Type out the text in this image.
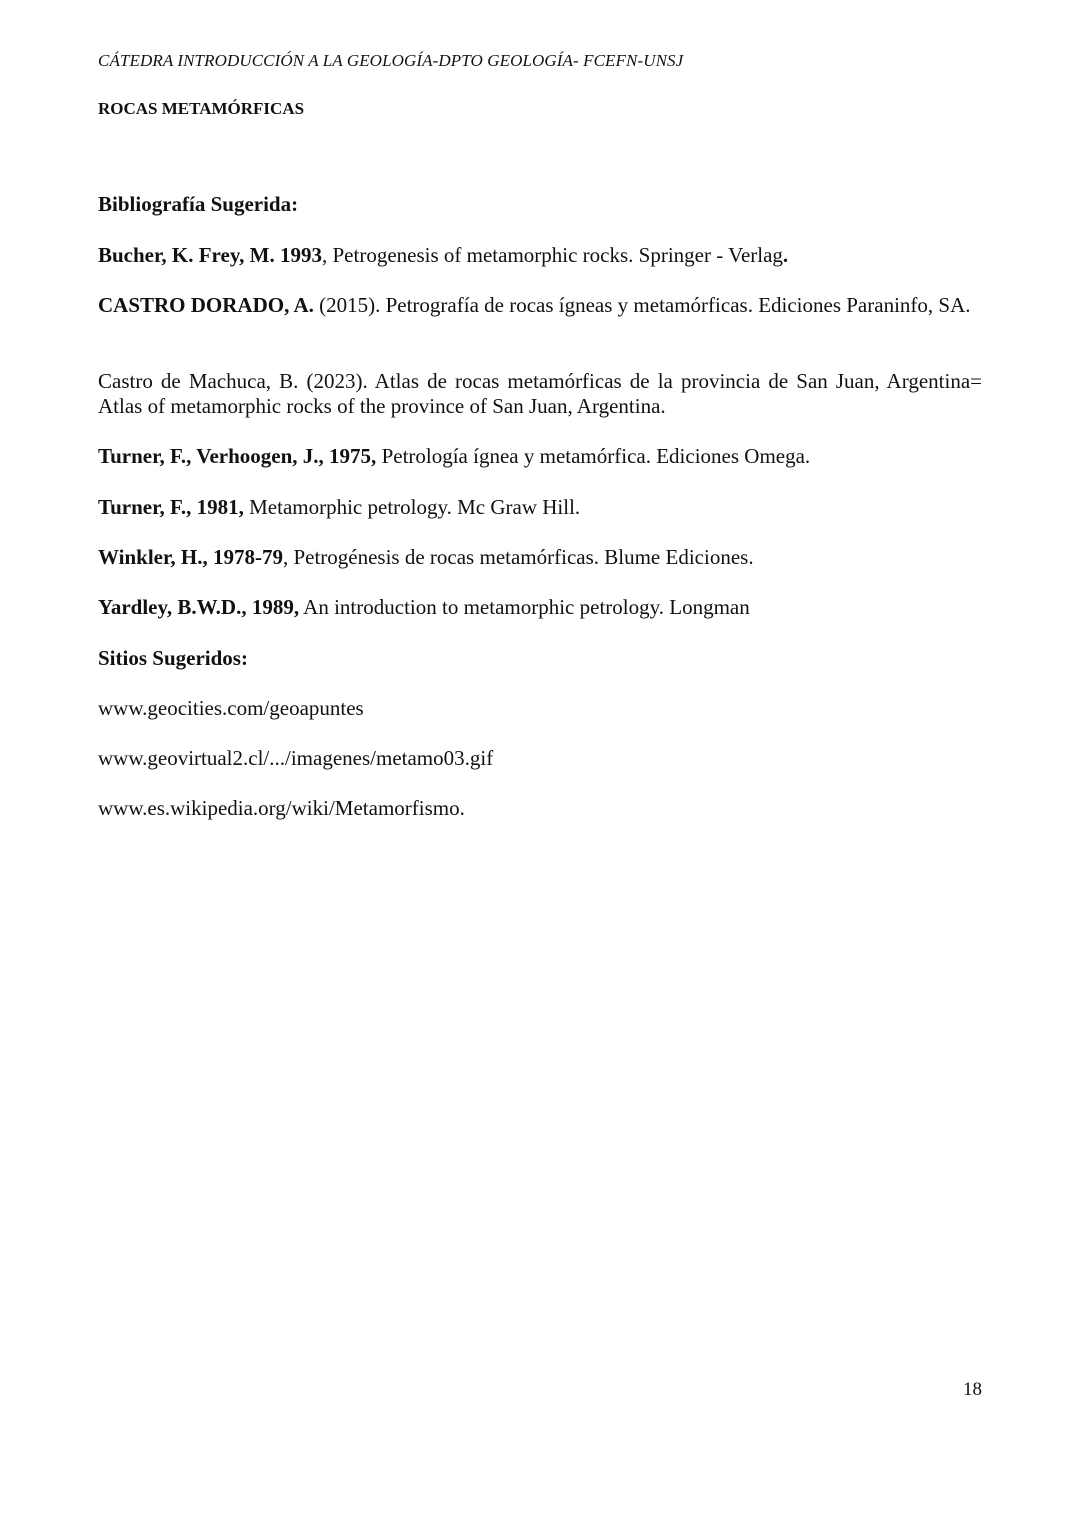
CÁTEDRA INTRODUCCIÓN A LA GEOLOGÍA-DPTO GEOLOGÍA- FCEFN-UNSJ
ROCAS METAMÓRFICAS
Bibliografía Sugerida:
Bucher, K. Frey, M. 1993, Petrogenesis of metamorphic rocks. Springer - Verlag.
CASTRO DORADO, A. (2015). Petrografía de rocas ígneas y metamórficas. Ediciones Paraninfo, SA.
Castro de Machuca, B. (2023). Atlas de rocas metamórficas de la provincia de San Juan, Argentina= Atlas of metamorphic rocks of the province of San Juan, Argentina.
Turner, F., Verhoogen, J., 1975, Petrología ígnea y metamórfica. Ediciones Omega.
Turner, F., 1981, Metamorphic petrology. Mc Graw Hill.
Winkler, H., 1978-79, Petrogénesis de rocas metamórficas. Blume Ediciones.
Yardley, B.W.D., 1989, An introduction to metamorphic petrology. Longman
Sitios Sugeridos:
www.geocities.com/geoapuntes
www.geovirtual2.cl/.../imagenes/metamo03.gif
www.es.wikipedia.org/wiki/Metamorfismo.
18
